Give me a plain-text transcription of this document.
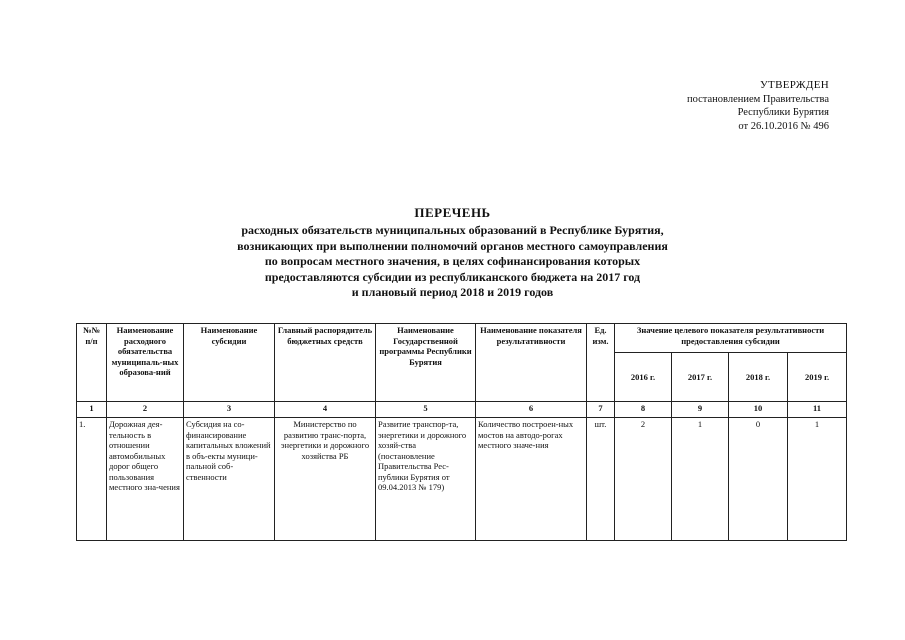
УТВЕРЖДЕН
постановлением Правительства
Республики Бурятия
от 26.10.2016 № 496
ПЕРЕЧЕНЬ
расходных обязательств муниципальных образований в Республике Бурятия,
возникающих при выполнении полномочий органов местного самоуправления
по вопросам местного значения, в целях софинансирования которых
предоставляются субсидии из республиканского бюджета на 2017 год
и плановый период 2018 и 2019 годов
№№ п/п	Наименование расходного обязательства муниципаль-ных образова-ний	Наименование субсидии	Главный распорядитель бюджетных средств	Наименование Государственной программы Республики Бурятия	Наименование показателя результативности	Ед. изм.	Значение целевого показателя результативности предоставления субсидии			
							2016 г.	2017 г.	2018 г.	2019 г.
1	2	3	4	5	6	7	8	9	10	11
1.	Дорожная дея-тельность в отношении автомобильных дорог общего пользования местного зна-чения	Субсидия на со-финансирование капитальных вложений в объ-екты муници-пальной соб-ственности	Министерство по развитию транс-порта, энергетики и дорожного хозяйства РБ	Развитие транспор-та, энергетики и дорожного хозяй-ства (постановление Правительства Рес-публики Бурятия от 09.04.2013 № 179)	Количество построен-ных мостов на автодо-рогах местного значе-ния	шт.	2	1	0	1
